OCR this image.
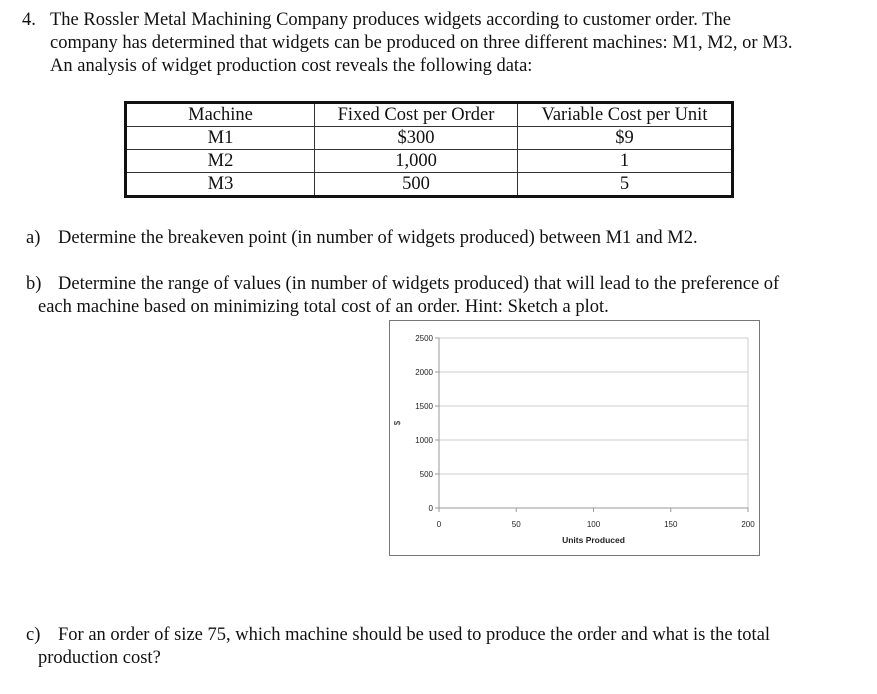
4. The Rossler Metal Machining Company produces widgets according to customer order. The
company has determined that widgets can be produced on three different machines: M1, M2, or M3.
An analysis of widget production cost reveals the following data:
Machine	Fixed Cost per Order	Variable Cost per Unit
M1	$300	$9
M2	1,000	1
M3	500	5
a) Determine the breakeven point (in number of widgets produced) between M1 and M2.
b) Determine the range of values (in number of widgets produced) that will lead to the preference of
each machine based on minimizing total cost of an order. Hint: Sketch a plot.
0
500
1000
1500
2000
2500
0	50	100	150	200
Units Produced
$
c) For an order of size 75, which machine should be used to produce the order and what is the total
production cost?
